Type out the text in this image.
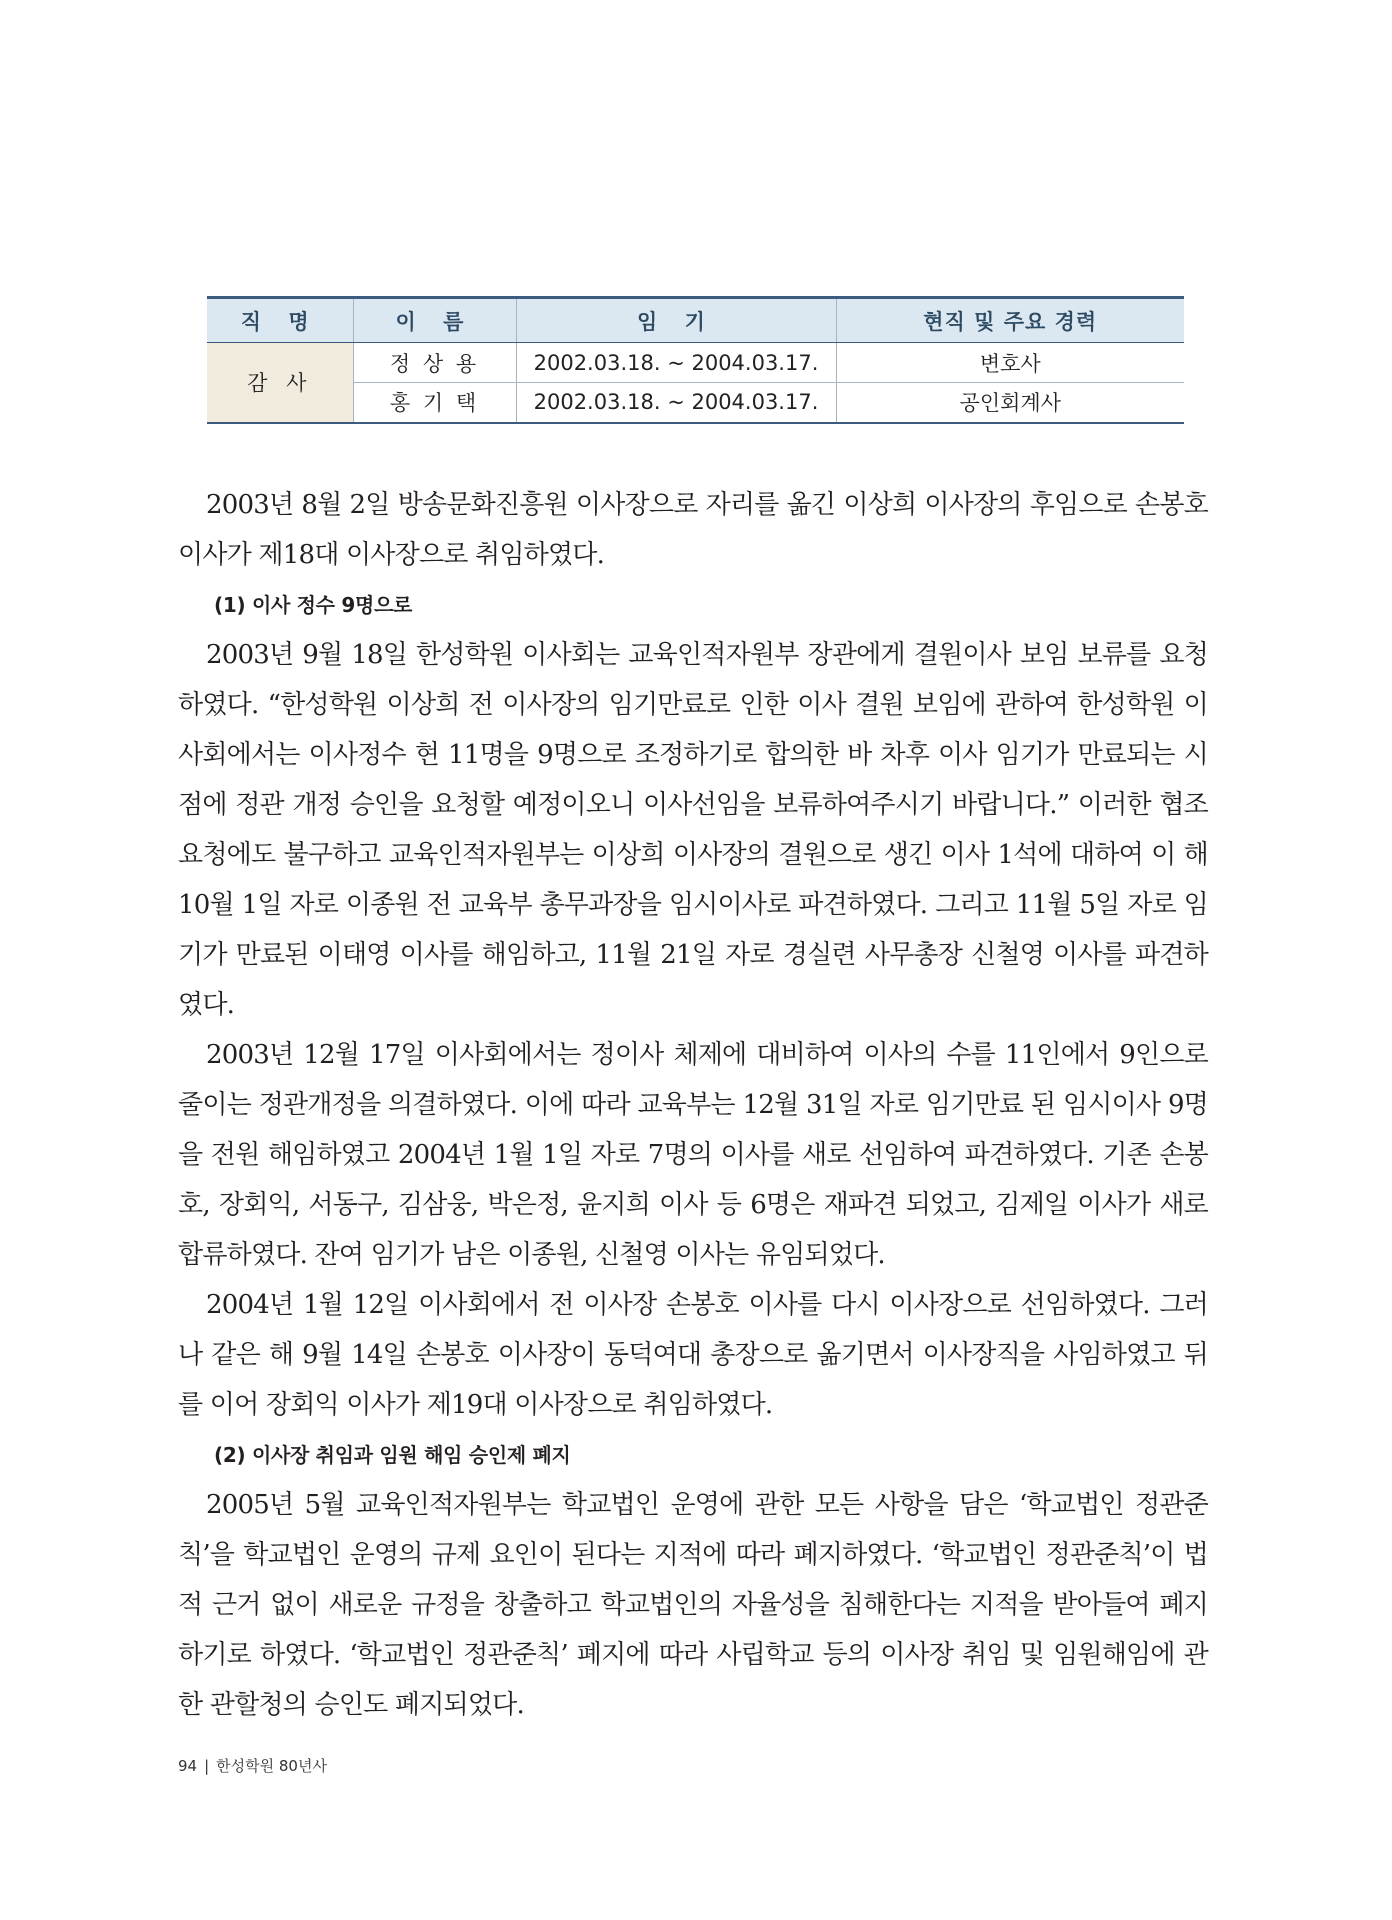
직 명	이 름	임 기	현직 및 주요 경력
감 사	정 상 용	2002.03.18. ~ 2004.03.17.	변호사
	홍 기 택	2002.03.18. ~ 2004.03.17.	공인회계사

2003년 8월 2일 방송문화진흥원 이사장으로 자리를 옮긴 이상희 이사장의 후임으로 손봉호 이사가 제18대 이사장으로 취임하였다.

(1) 이사 정수 9명으로

2003년 9월 18일 한성학원 이사회는 교육인적자원부 장관에게 결원이사 보임 보류를 요청하였다. “한성학원 이상희 전 이사장의 임기만료로 인한 이사 결원 보임에 관하여 한성학원 이사회에서는 이사정수 현 11명을 9명으로 조정하기로 합의한 바 차후 이사 임기가 만료되는 시점에 정관 개정 승인을 요청할 예정이오니 이사선임을 보류하여주시기 바랍니다.” 이러한 협조 요청에도 불구하고 교육인적자원부는 이상희 이사장의 결원으로 생긴 이사 1석에 대하여 이 해 10월 1일 자로 이종원 전 교육부 총무과장을 임시이사로 파견하였다. 그리고 11월 5일 자로 임기가 만료된 이태영 이사를 해임하고, 11월 21일 자로 경실련 사무총장 신철영 이사를 파견하였다.

2003년 12월 17일 이사회에서는 정이사 체제에 대비하여 이사의 수를 11인에서 9인으로 줄이는 정관개정을 의결하였다. 이에 따라 교육부는 12월 31일 자로 임기만료 된 임시이사 9명을 전원 해임하였고 2004년 1월 1일 자로 7명의 이사를 새로 선임하여 파견하였다. 기존 손봉호, 장회익, 서동구, 김삼웅, 박은정, 윤지희 이사 등 6명은 재파견 되었고, 김제일 이사가 새로 합류하였다. 잔여 임기가 남은 이종원, 신철영 이사는 유임되었다.

2004년 1월 12일 이사회에서 전 이사장 손봉호 이사를 다시 이사장으로 선임하였다. 그러나 같은 해 9월 14일 손봉호 이사장이 동덕여대 총장으로 옮기면서 이사장직을 사임하였고 뒤를 이어 장회익 이사가 제19대 이사장으로 취임하였다.

(2) 이사장 취임과 임원 해임 승인제 폐지

2005년 5월 교육인적자원부는 학교법인 운영에 관한 모든 사항을 담은 ‘학교법인 정관준칙’을 학교법인 운영의 규제 요인이 된다는 지적에 따라 폐지하였다. ‘학교법인 정관준칙’이 법적 근거 없이 새로운 규정을 창출하고 학교법인의 자율성을 침해한다는 지적을 받아들여 폐지하기로 하였다. ‘학교법인 정관준칙’ 폐지에 따라 사립학교 등의 이사장 취임 및 임원해임에 관한 관할청의 승인도 폐지되었다.

94 | 한성학원 80년사
